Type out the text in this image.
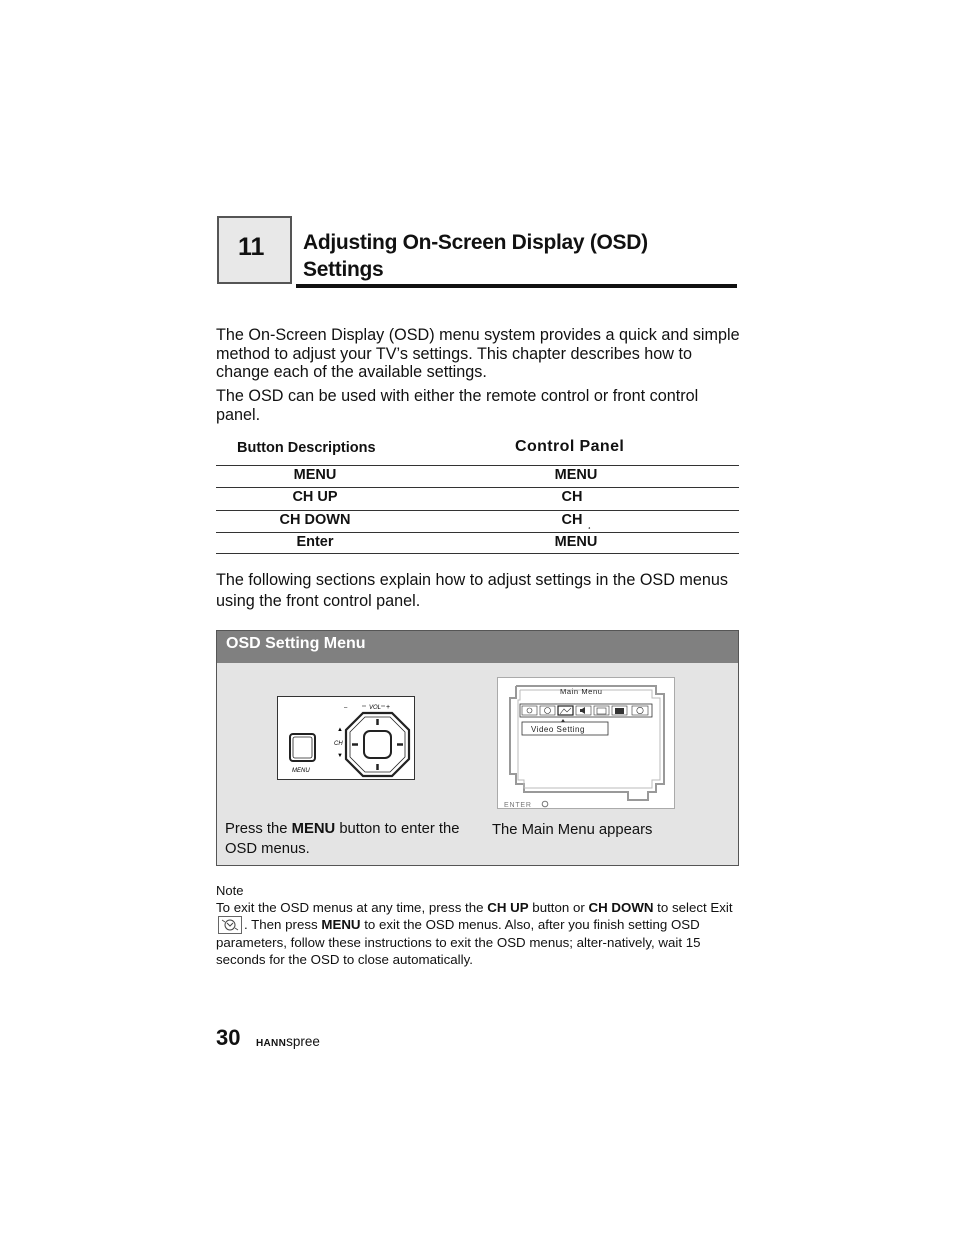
11 Adjusting On-Screen Display (OSD)
Settings
The On-Screen Display (OSD) menu system provides a quick and simple method to adjust your TV’s settings. This chapter describes how to change each of the available settings.
The OSD can be used with either the remote control or front control panel.
Button Descriptions	Control Panel
MENU	MENU
CH UP	CH
CH DOWN	CH ¸
Enter	MENU
The following sections explain how to adjust settings in the OSD menus using the front control panel.
OSD Setting Menu
MENU
–	VOL +
▲
CH
▼
Main Menu
Video Setting
ENTER
Press the MENU button to enter the OSD menus.
The Main Menu appears
Note
To exit the OSD menus at any time, press the CH UP button or CH DOWN to select Exit . Then press MENU to exit the OSD menus. Also, after you finish setting OSD parameters, follow these instructions to exit the OSD menus; alter-natively, wait 15 seconds for the OSD to close automatically.
30 HANNspree
